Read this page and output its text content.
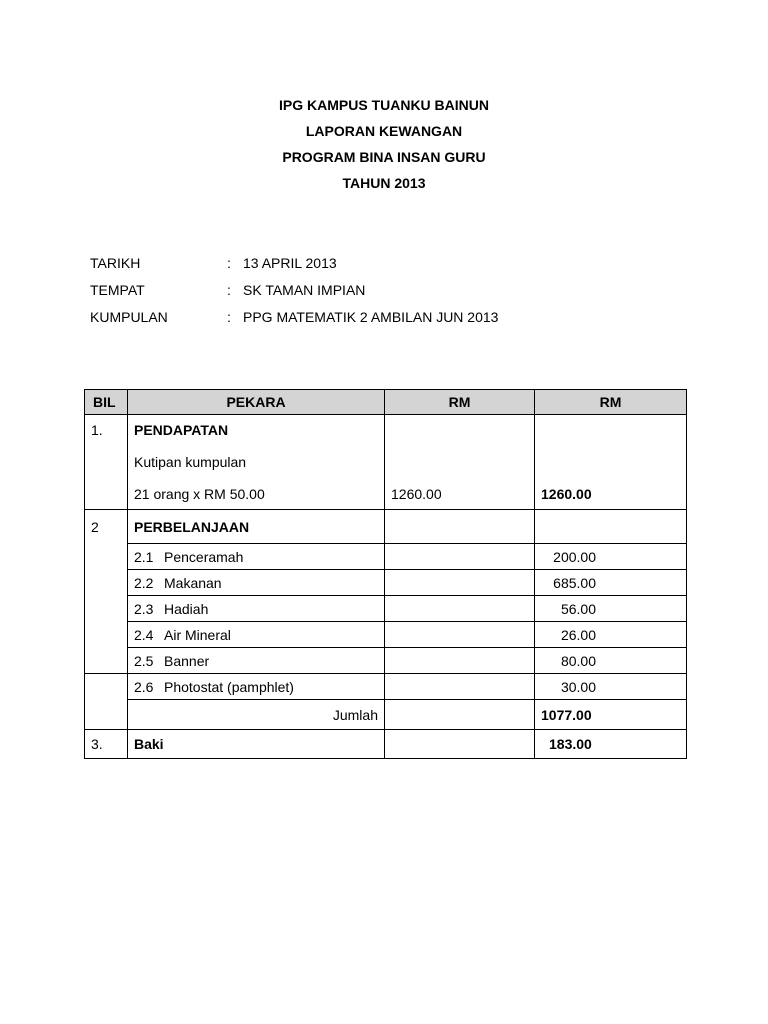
IPG KAMPUS TUANKU BAINUN
LAPORAN KEWANGAN
PROGRAM BINA INSAN GURU
TAHUN 2013
TARIKH	: 13 APRIL 2013
TEMPAT	: SK TAMAN IMPIAN
KUMPULAN	: PPG MATEMATIK 2 AMBILAN JUN 2013
BIL	PEKARA	RM	RM
1.	PENDAPATAN		
	Kutipan kumpulan		
	21 orang x RM 50.00	1260.00	1260.00
2	PERBELANJAAN		
	2.1 Penceramah		200.00
	2.2 Makanan		685.00
	2.3 Hadiah		56.00
	2.4 Air Mineral		26.00
	2.5 Banner		80.00
	2.6 Photostat (pamphlet)		30.00
	Jumlah		1077.00
3.	Baki		183.00
